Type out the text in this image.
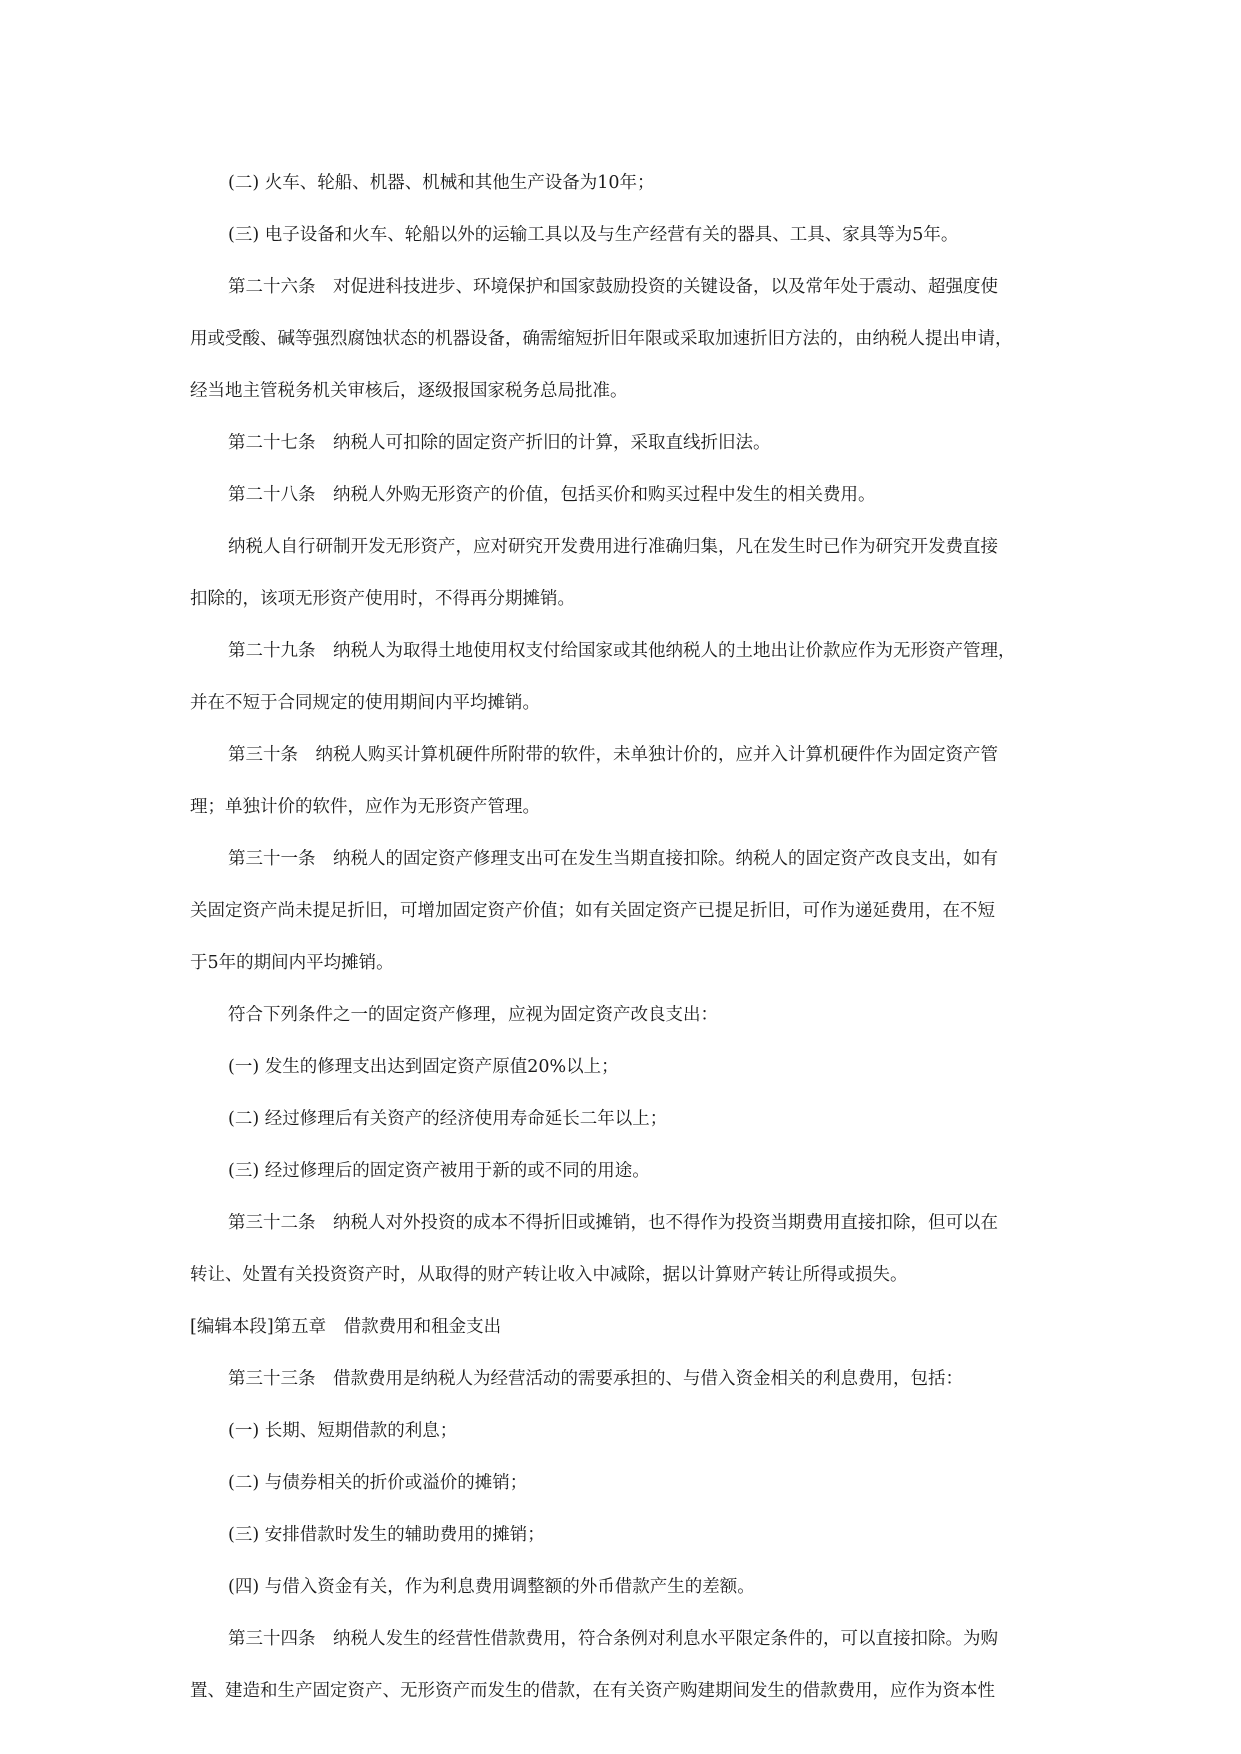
(二) 火车、轮船、机器、机械和其他生产设备为10年；
(三) 电子设备和火车、轮船以外的运输工具以及与生产经营有关的器具、工具、家具等为5年。
第二十六条　对促进科技进步、环境保护和国家鼓励投资的关键设备，以及常年处于震动、超强度使
用或受酸、碱等强烈腐蚀状态的机器设备，确需缩短折旧年限或采取加速折旧方法的，由纳税人提出申请，
经当地主管税务机关审核后，逐级报国家税务总局批准。
第二十七条　纳税人可扣除的固定资产折旧的计算，采取直线折旧法。
第二十八条　纳税人外购无形资产的价值，包括买价和购买过程中发生的相关费用。
纳税人自行研制开发无形资产，应对研究开发费用进行准确归集，凡在发生时已作为研究开发费直接
扣除的，该项无形资产使用时，不得再分期摊销。
第二十九条　纳税人为取得土地使用权支付给国家或其他纳税人的土地出让价款应作为无形资产管理，
并在不短于合同规定的使用期间内平均摊销。
第三十条　纳税人购买计算机硬件所附带的软件，未单独计价的，应并入计算机硬件作为固定资产管
理；单独计价的软件，应作为无形资产管理。
第三十一条　纳税人的固定资产修理支出可在发生当期直接扣除。纳税人的固定资产改良支出，如有
关固定资产尚未提足折旧，可增加固定资产价值；如有关固定资产已提足折旧，可作为递延费用，在不短
于5年的期间内平均摊销。
符合下列条件之一的固定资产修理，应视为固定资产改良支出：
(一) 发生的修理支出达到固定资产原值20%以上；
(二) 经过修理后有关资产的经济使用寿命延长二年以上；
(三) 经过修理后的固定资产被用于新的或不同的用途。
第三十二条　纳税人对外投资的成本不得折旧或摊销，也不得作为投资当期费用直接扣除，但可以在
转让、处置有关投资资产时，从取得的财产转让收入中减除，据以计算财产转让所得或损失。
[编辑本段]第五章　借款费用和租金支出
第三十三条　借款费用是纳税人为经营活动的需要承担的、与借入资金相关的利息费用，包括：
(一) 长期、短期借款的利息；
(二) 与债券相关的折价或溢价的摊销；
(三) 安排借款时发生的辅助费用的摊销；
(四) 与借入资金有关，作为利息费用调整额的外币借款产生的差额。
第三十四条　纳税人发生的经营性借款费用，符合条例对利息水平限定条件的，可以直接扣除。为购
置、建造和生产固定资产、无形资产而发生的借款，在有关资产购建期间发生的借款费用，应作为资本性
